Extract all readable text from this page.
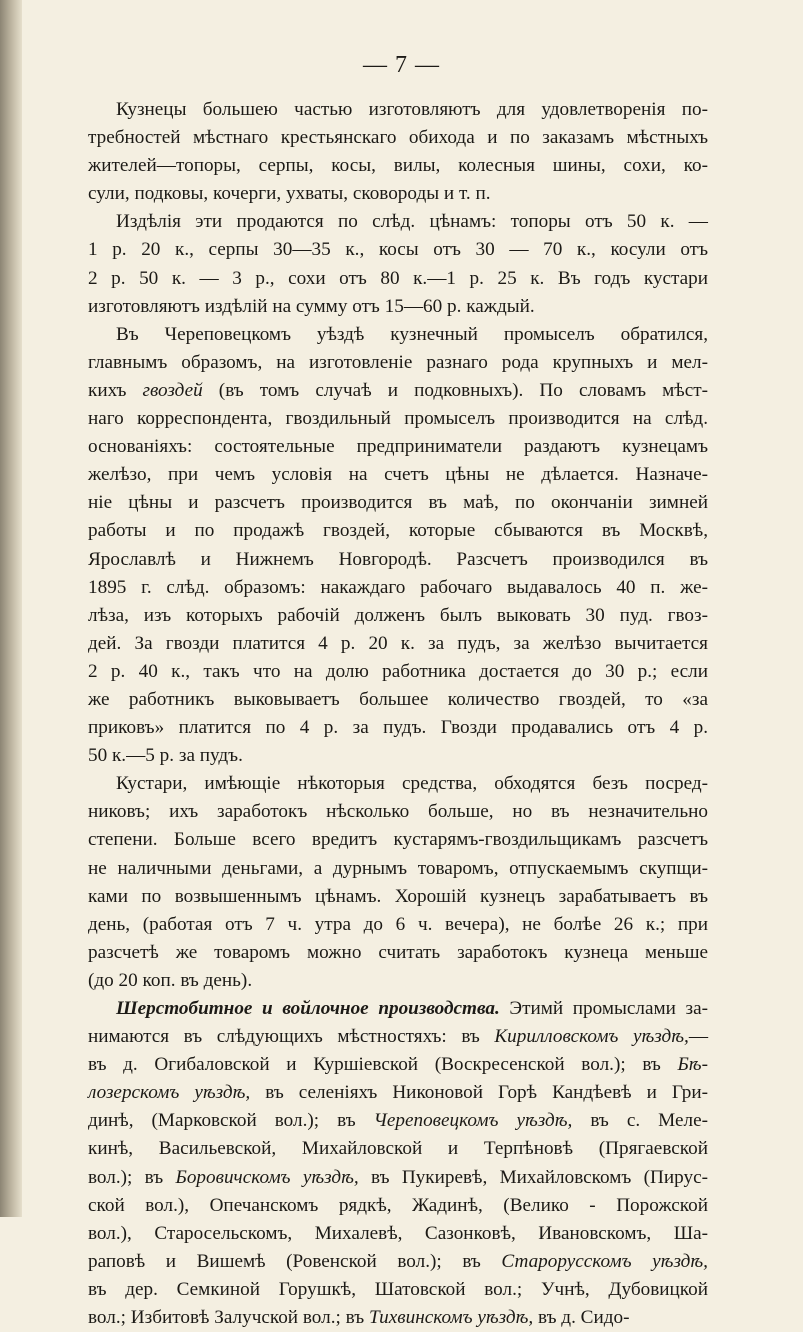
— 7 —
Кузнецы большею частью изготовляютъ для удовлетворенія по-
требностей мѣстнаго крестьянскаго обихода и по заказамъ мѣстныхъ
жителей—топоры, серпы, косы, вилы, колесныя шины, сохи, ко-
сули, подковы, кочерги, ухваты, сковороды и т. п.
Издѣлія эти продаются по слѣд. цѣнамъ: топоры отъ 50 к. —
1 р. 20 к., серпы 30—35 к., косы отъ 30 — 70 к., косули отъ
2 р. 50 к. — 3 р., сохи отъ 80 к.—1 р. 25 к. Въ годъ кустари
изготовляютъ издѣлій на сумму отъ 15—60 р. каждый.
Въ Череповецкомъ уѣздѣ кузнечный промыселъ обратился,
главнымъ образомъ, на изготовленіе разнаго рода крупныхъ и мел-
кихъ гвоздей (въ томъ случаѣ и подковныхъ). По словамъ мѣст-
наго корреспондента, гвоздильный промыселъ производится на слѣд.
основаніяхъ: состоятельные предприниматели раздаютъ кузнецамъ
желѣзо, при чемъ условія на счетъ цѣны не дѣлается. Назначе-
ніе цѣны и разсчетъ производится въ маѣ, по окончаніи зимней
работы и по продажѣ гвоздей, которые сбываются въ Москвѣ,
Ярославлѣ и Нижнемъ Новгородѣ. Разсчетъ производился въ
1895 г. слѣд. образомъ: накаждаго рабочаго выдавалось 40 п. же-
лѣза, изъ которыхъ рабочій долженъ былъ выковать 30 пуд. гвоз-
дей. За гвозди платится 4 р. 20 к. за пудъ, за желѣзо вычитается
2 р. 40 к., такъ что на долю работника достается до 30 р.; если
же работникъ выковываетъ большее количество гвоздей, то «за
приковъ» платится по 4 р. за пудъ. Гвозди продавались отъ 4 р.
50 к.—5 р. за пудъ.
Кустари, имѣющіе нѣкоторыя средства, обходятся безъ посред-
никовъ; ихъ заработокъ нѣсколько больше, но въ незначительно
степени. Больше всего вредитъ кустарямъ-гвоздильщикамъ разсчетъ
не наличными деньгами, а дурнымъ товаромъ, отпускаемымъ скупщи-
ками по возвышеннымъ цѣнамъ. Хорошій кузнецъ зарабатываетъ въ
день, (работая отъ 7 ч. утра до 6 ч. вечера), не болѣе 26 к.; при
разсчетѣ же товаромъ можно считать заработокъ кузнеца меньше
(до 20 коп. въ день).
Шерстобитное и войлочное производства. Этимй промыслами за-
нимаются въ слѣдующихъ мѣстностяхъ: въ Кирилловскомъ уѣздѣ,—
въ д. Огибаловской и Куршіевской (Воскресенской вол.); въ Бѣ-
лозерскомъ уѣздѣ, въ селеніяхъ Никоновой Горѣ Кандѣевѣ и Гри-
динѣ, (Марковской вол.); въ Череповецкомъ уѣздѣ, въ с. Меле-
кинѣ, Васильевской, Михайловской и Терпѣновѣ (Прягаевской
вол.); въ Боровичскомъ уѣздѣ, въ Пукиревѣ, Михайловскомъ (Пирус-
ской вол.), Опечанскомъ рядкѣ, Жадинѣ, (Велико - Порожской
вол.), Старосельскомъ, Михалевѣ, Сазонковѣ, Ивановскомъ, Ша-
раповѣ и Вишемѣ (Ровенской вол.); въ Старорусскомъ уѣздѣ,
въ дер. Семкиной Горушкѣ, Шатовской вол.; Учнѣ, Дубовицкой
вол.; Избитовѣ Залучской вол.; въ Тихвинскомъ уѣздѣ, въ д. Сидо-
